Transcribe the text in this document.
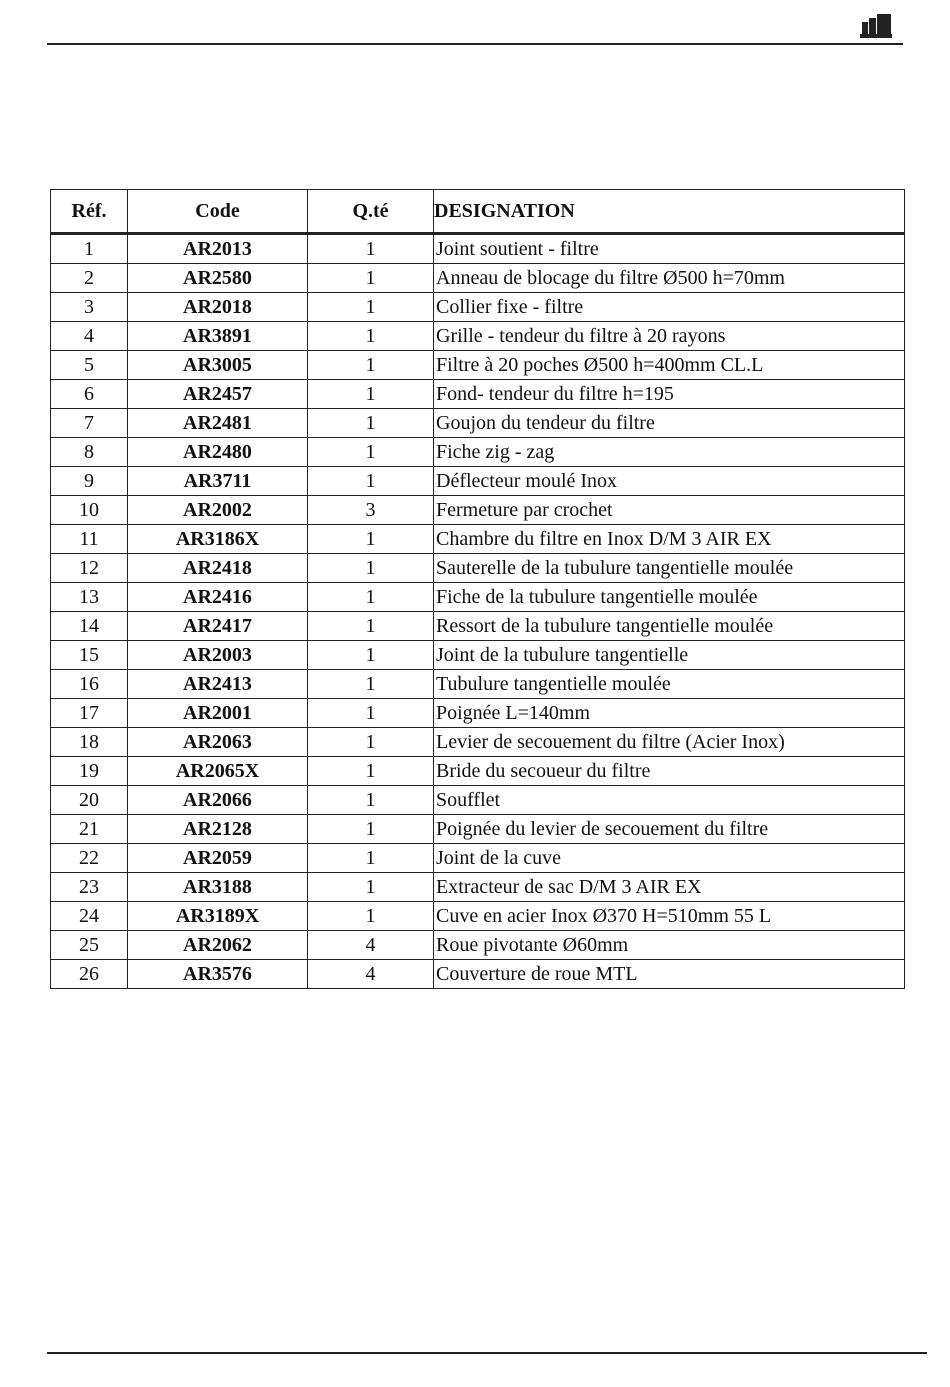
Réf.	Code	Q.té	DESIGNATION
1	AR2013	1	Joint soutient - filtre
2	AR2580	1	Anneau de blocage du filtre Ø500 h=70mm
3	AR2018	1	Collier fixe - filtre
4	AR3891	1	Grille - tendeur du filtre à 20 rayons
5	AR3005	1	Filtre à 20 poches Ø500 h=400mm CL.L
6	AR2457	1	Fond- tendeur du filtre h=195
7	AR2481	1	Goujon du tendeur du filtre
8	AR2480	1	Fiche zig - zag
9	AR3711	1	Déflecteur moulé Inox
10	AR2002	3	Fermeture par crochet
11	AR3186X	1	Chambre du filtre en Inox D/M 3 AIR EX
12	AR2418	1	Sauterelle de la tubulure tangentielle moulée
13	AR2416	1	Fiche de la tubulure tangentielle moulée
14	AR2417	1	Ressort de la tubulure tangentielle moulée
15	AR2003	1	Joint de la tubulure tangentielle
16	AR2413	1	Tubulure tangentielle moulée
17	AR2001	1	Poignée L=140mm
18	AR2063	1	Levier de secouement du filtre (Acier Inox)
19	AR2065X	1	Bride du secoueur du filtre
20	AR2066	1	Soufflet
21	AR2128	1	Poignée du levier de secouement du filtre
22	AR2059	1	Joint de la cuve
23	AR3188	1	Extracteur de sac D/M 3 AIR EX
24	AR3189X	1	Cuve en acier Inox Ø370 H=510mm 55 L
25	AR2062	4	Roue pivotante Ø60mm
26	AR3576	4	Couverture de roue MTL
